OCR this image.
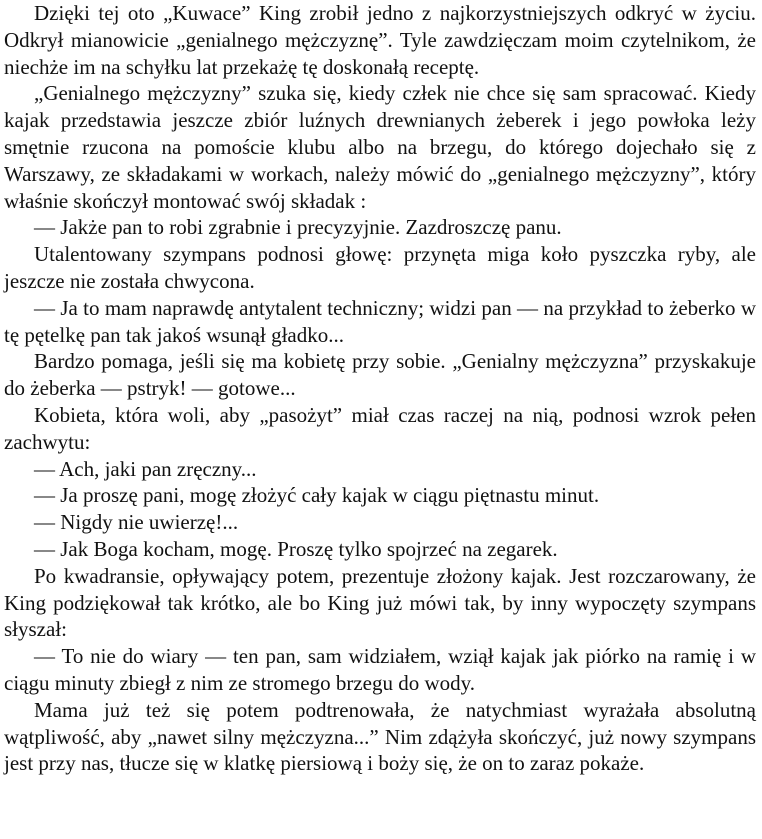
Dzięki tej oto „Kuwace” King zrobił jedno z najkorzystniejszych odkryć w życiu. Odkrył mianowicie „genialnego mężczyznę”. Tyle zawdzięczam moim czytelnikom, że niechże im na schyłku lat przekażę tę doskonałą receptę.

„Genialnego mężczyzny” szuka się, kiedy człek nie chce się sam spracować. Kiedy kajak przedstawia jeszcze zbiór luźnych drewnianych żeberek i jego powłoka leży smętnie rzucona na pomoście klubu albo na brzegu, do którego dojechało się z Warszawy, ze składakami w workach, należy mówić do „genialnego mężczyzny”, który właśnie skończył montować swój składak :

— Jakże pan to robi zgrabnie i precyzyjnie. Zazdroszczę panu.

Utalentowany szympans podnosi głowę: przynęta miga koło pyszczka ryby, ale jeszcze nie została chwycona.

— Ja to mam naprawdę antytalent techniczny; widzi pan — na przykład to żeberko w tę pętelkę pan tak jakoś wsunął gładko...

Bardzo pomaga, jeśli się ma kobietę przy sobie. „Genialny mężczyzna” przyskakuje do żeberka — pstryk! — gotowe...

Kobieta, która woli, aby „pasożyt” miał czas raczej na nią, podnosi wzrok pełen zachwytu:

— Ach, jaki pan zręczny...

— Ja proszę pani, mogę złożyć cały kajak w ciągu piętnastu minut.

— Nigdy nie uwierzę!...

— Jak Boga kocham, mogę. Proszę tylko spojrzeć na zegarek.

Po kwadransie, opływający potem, prezentuje złożony kajak. Jest rozczarowany, że King podziękował tak krótko, ale bo King już mówi tak, by inny wypoczęty szympans słyszał:

— To nie do wiary — ten pan, sam widziałem, wziął kajak jak piórko na ramię i w ciągu minuty zbiegł z nim ze stromego brzegu do wody.

Mama już też się potem podtrenowała, że natychmiast wyrażała absolutną wątpliwość, aby „nawet silny mężczyzna...” Nim zdążyła skończyć, już nowy szympans jest przy nas, tłucze się w klatkę piersiową i boży się, że on to zaraz pokaże.
